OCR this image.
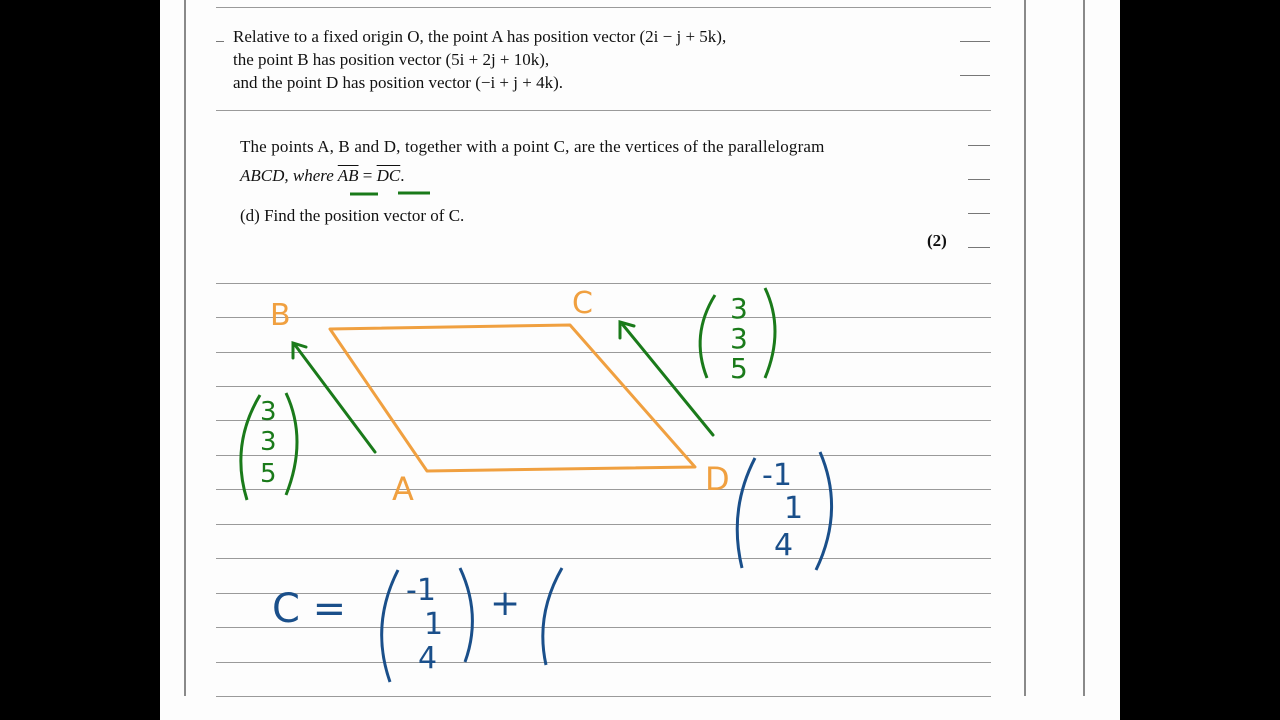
Relative to a fixed origin O, the point A has position vector (2i − j + 5k),
the point B has position vector (5i + 2j + 10k),
and the point D has position vector (−i + j + 4k).
The points A, B and D, together with a point C, are the vertices of the parallelogram
ABCD, where $\overline{AB} = \overline{DC}$.
(d) Find the position vector of C.
(2)
B	C
A	D
3
3
5
3
3
5
-1
1
4
C = -1
1
4
+
